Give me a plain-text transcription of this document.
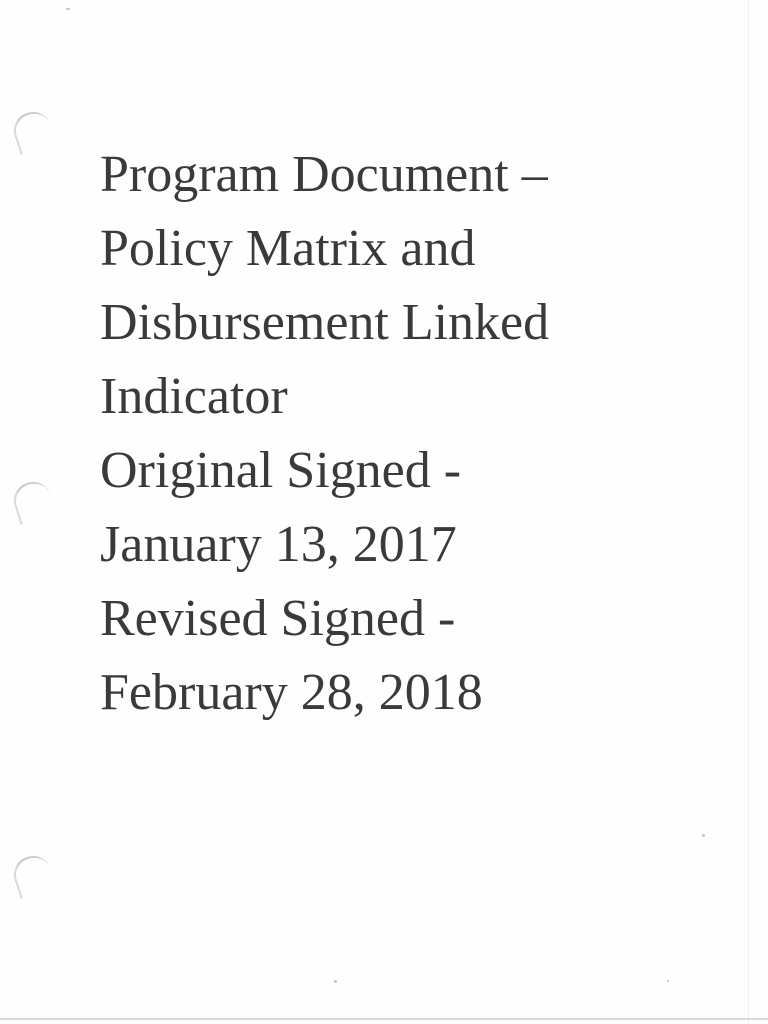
Program Document –
Policy Matrix and
Disbursement Linked
Indicator

Original Signed -
January 13, 2017

Revised Signed -
February 28, 2018
